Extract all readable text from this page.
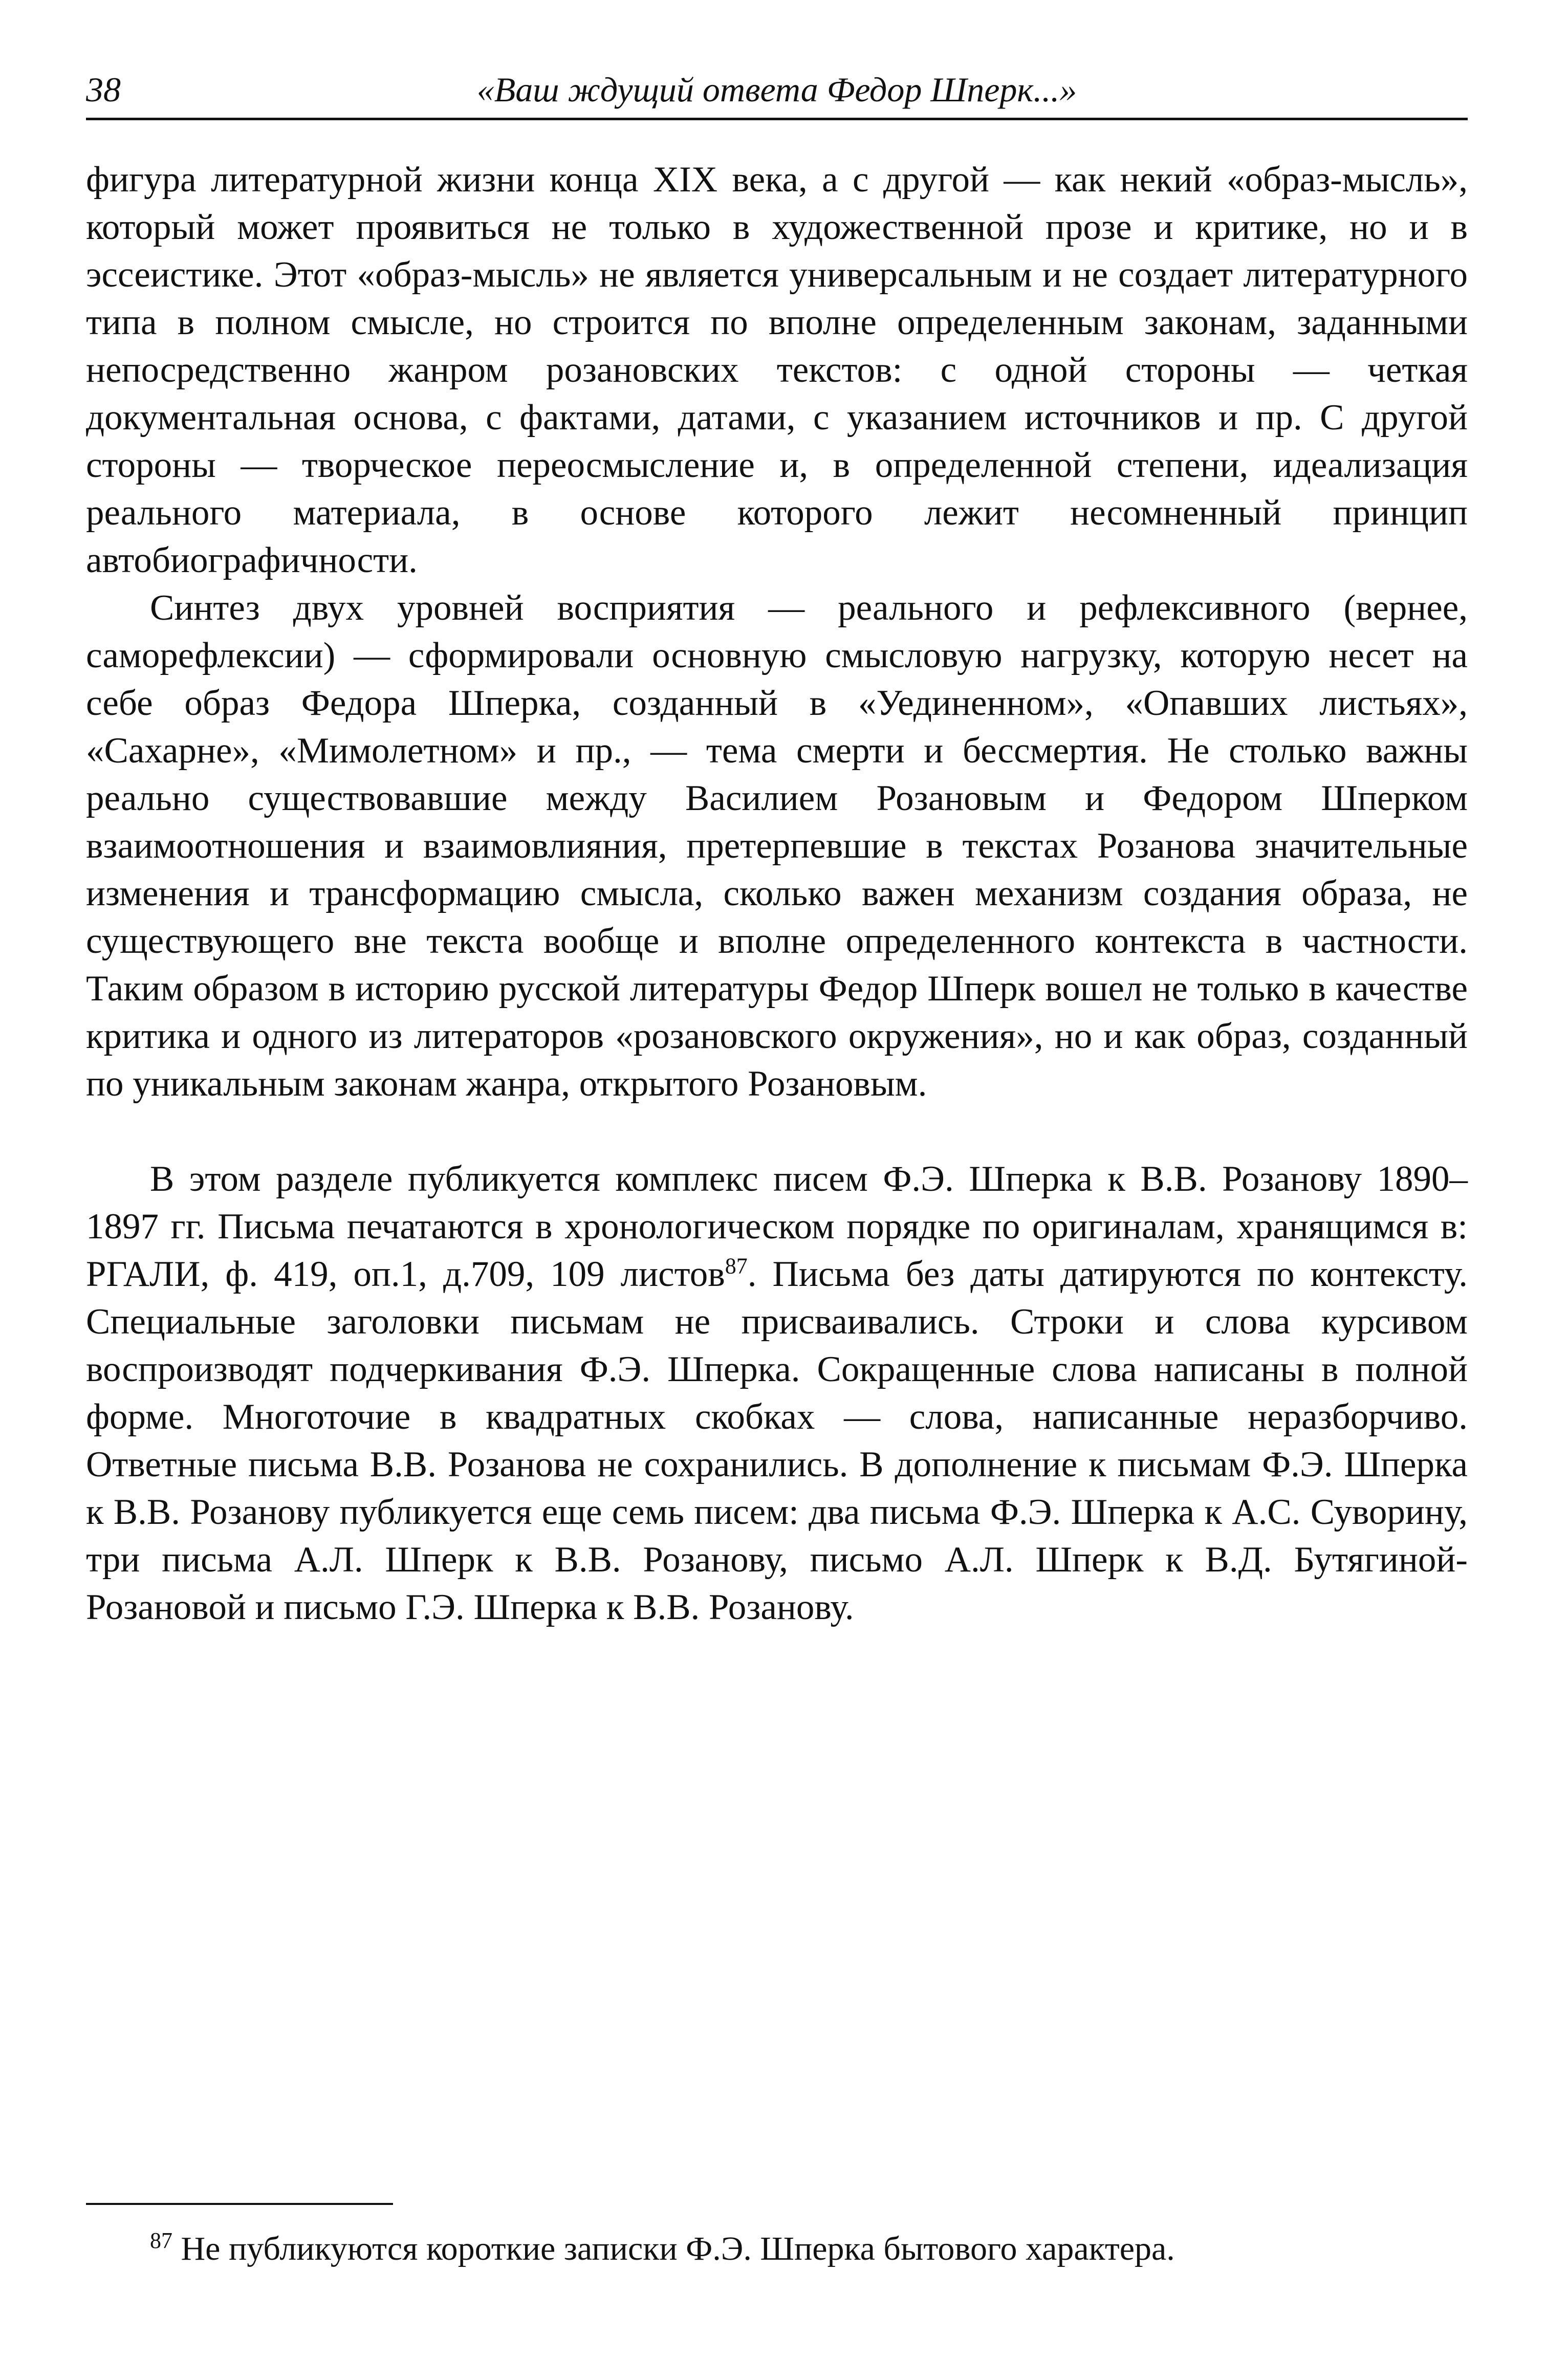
38	«Ваш ждущий ответа Федор Шперк...»

фигура литературной жизни конца XIX века, а с другой — как некий «образ-мысль», который может проявиться не только в художественной прозе и критике, но и в эссеистике. Этот «образ-мысль» не является универсальным и не создает литературного типа в полном смысле, но строится по вполне определенным законам, заданными непосредственно жанром розановских текстов: с одной стороны — четкая документальная основа, с фактами, датами, с указанием источников и пр. С другой стороны — творческое переосмысление и, в определенной степени, идеализация реального материала, в основе которого лежит несомненный принцип автобиографичности.

Синтез двух уровней восприятия — реального и рефлексивного (вернее, саморефлексии) — сформировали основную смысловую нагрузку, которую несет на себе образ Федора Шперка, созданный в «Уединенном», «Опавших листьях», «Сахарне», «Мимолетном» и пр., — тема смерти и бессмертия. Не столько важны реально существовавшие между Василием Розановым и Федором Шперком взаимоотношения и взаимовлияния, претерпевшие в текстах Розанова значительные изменения и трансформацию смысла, сколько важен механизм создания образа, не существующего вне текста вообще и вполне определенного контекста в частности. Таким образом в историю русской литературы Федор Шперк вошел не только в качестве критика и одного из литераторов «розановского окружения», но и как образ, созданный по уникальным законам жанра, открытого Розановым.

В этом разделе публикуется комплекс писем Ф.Э. Шперка к В.В. Розанову 1890–1897 гг. Письма печатаются в хронологическом порядке по оригиналам, хранящимся в: РГАЛИ, ф. 419, оп.1, д.709, 109 листов$^{87}$. Письма без даты датируются по контексту. Специальные заголовки письмам не присваивались. Строки и слова курсивом воспроизводят подчеркивания Ф.Э. Шперка. Сокращенные слова написаны в полной форме. Многоточие в квадратных скобках — слова, написанные неразборчиво. Ответные письма В.В. Розанова не сохранились. В дополнение к письмам Ф.Э. Шперка к В.В. Розанову публикуется еще семь писем: два письма Ф.Э. Шперка к А.С. Суворину, три письма А.Л. Шперк к В.В. Розанову, письмо А.Л. Шперк к В.Д. Бутягиной-Розановой и письмо Г.Э. Шперка к В.В. Розанову.

$^{87}$ Не публикуются короткие записки Ф.Э. Шперка бытового характера.
